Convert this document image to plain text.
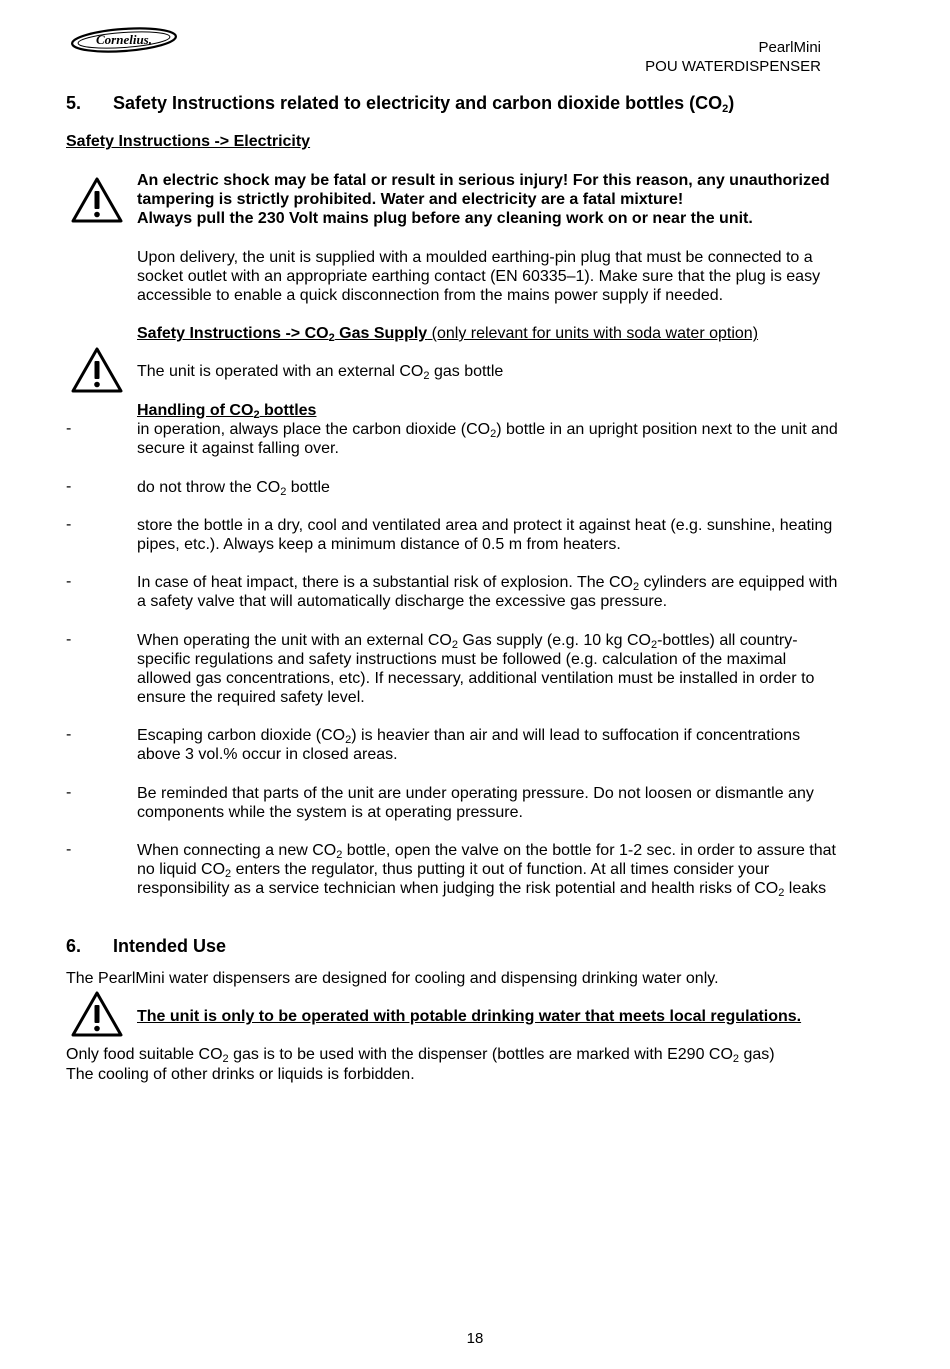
Cornelius.	PearlMini
POU WATERDISPENSER
5. Safety Instructions related to electricity and carbon dioxide bottles $(CO_2)$
Safety Instructions -> Electricity

An electric shock may be fatal or result in serious injury! For this reason, any unauthorized

tampering is strictly prohibited. Water and electricity are a fatal mixture!

Always pull the 230 Volt mains plug before any cleaning work on or near the unit.

Upon delivery, the unit is supplied with a moulded earthing-pin plug that must be connected to a

socket outlet with an appropriate earthing contact (EN 60335–1). Make sure that the plug is easy

accessible to enable a quick disconnection from the mains power supply if needed.

Safety Instructions -> $CO_2$ Gas Supply (only relevant for units with soda water option)
The unit is operated with an external $CO_2$ gas bottle
Handling of $CO_2$ bottles
-	in operation, always place the carbon dioxide $(CO_2)$ bottle in an upright position next to the unit and
secure it against falling over.
-	do not throw the $CO_2$ bottle
-	store the bottle in a dry, cool and ventilated area and protect it against heat (e.g. sunshine, heating
pipes, etc.). Always keep a minimum distance of 0.5 m from heaters.
-	In case of heat impact, there is a substantial risk of explosion. The $CO_2$ cylinders are equipped with
a safety valve that will automatically discharge the excessive gas pressure.
-	When operating the unit with an external $CO_2$ Gas supply (e.g. 10 kg $CO_2-bottles$) all country-
specific regulations and safety instructions must be followed (e.g. calculation of the maximal
allowed gas concentrations, etc). If necessary, additional ventilation must be installed in order to
ensure the required safety level.
-	Escaping carbon dioxide $(CO_2)$ is heavier than air and will lead to suffocation if concentrations
above 3 vol.% occur in closed areas.
-	Be reminded that parts of the unit are under operating pressure. Do not loosen or dismantle any
components while the system is at operating pressure.
-	When connecting a new $CO_2$ bottle, open the valve on the bottle for 1-2 sec. in order to assure that
no liquid $CO_2$ enters the regulator, thus putting it out of function. At all times consider your
responsibility as a service technician when judging the risk potential and health risks of $CO_2$ leaks
6. Intended Use
The PearlMini water dispensers are designed for cooling and dispensing drinking water only.
The unit is only to be operated with potable drinking water that meets local regulations.
Only food suitable $CO_2$ gas is to be used with the dispenser (bottles are marked with E290 $CO_2$ gas)
The cooling of other drinks or liquids is forbidden.
18
